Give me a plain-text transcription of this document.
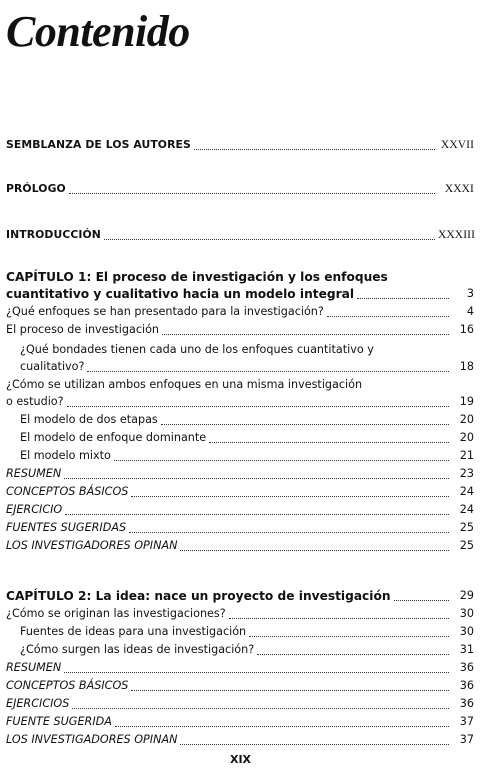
Contenido
SEMBLANZA DE LOS AUTORES	XXVII
PRÓLOGO	XXXI
INTRODUCCIÓN	XXXIII
CAPÍTULO 1: El proceso de investigación y los enfoques
cuantitativo y cualitativo hacia un modelo integral	3
¿Qué enfoques se han presentado para la investigación?	4
El proceso de investigación	16
¿Qué bondades tienen cada uno de los enfoques cuantitativo y
cualitativo?	18
¿Cómo se utilizan ambos enfoques en una misma investigación
o estudio?	19
El modelo de dos etapas	20
El modelo de enfoque dominante	20
El modelo mixto	21
RESUMEN	23
CONCEPTOS BÁSICOS	24
EJERCICIO	24
FUENTES SUGERIDAS	25
LOS INVESTIGADORES OPINAN	25
CAPÍTULO 2: La idea: nace un proyecto de investigación	29
¿Cómo se originan las investigaciones?	30
Fuentes de ideas para una investigación	30
¿Cómo surgen las ideas de investigación?	31
RESUMEN	36
CONCEPTOS BÁSICOS	36
EJERCICIOS	36
FUENTE SUGERIDA	37
LOS INVESTIGADORES OPINAN	37
XIX
